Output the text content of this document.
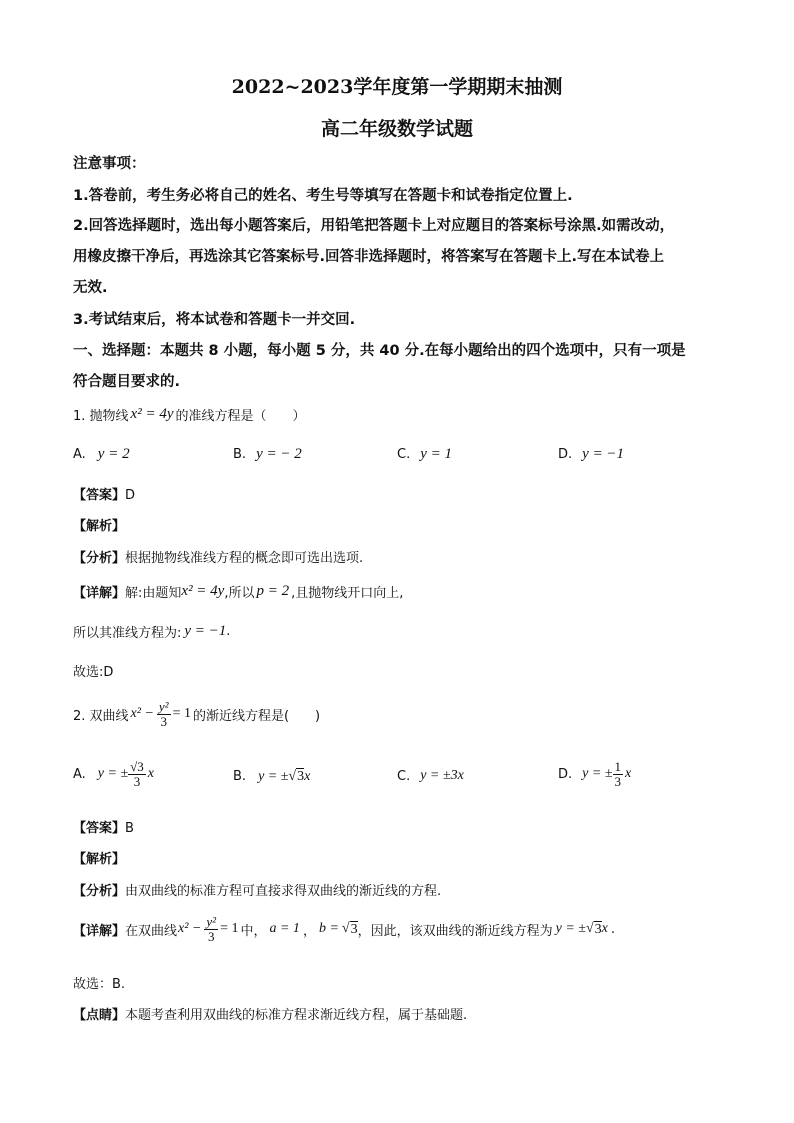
2022~2023学年度第一学期期末抽测
高二年级数学试题
注意事项：
1.答卷前，考生务必将自己的姓名、考生号等填写在答题卡和试卷指定位置上.
2.回答选择题时，选出每小题答案后，用铅笔把答题卡上对应题目的答案标号涂黑.如需改动，
用橡皮擦干净后，再选涂其它答案标号.回答非选择题时，将答案写在答题卡上.写在本试卷上
无效.
3.考试结束后，将本试卷和答题卡一并交回.
一、选择题：本题共 8 小题，每小题 5 分，共 40 分.在每小题给出的四个选项中，只有一项是
符合题目要求的.
1. 抛物线 x² = 4y 的准线方程是（　　）
A. y = 2	B. y = − 2	C. y = 1	D. y = −1
【答案】D
【解析】
【分析】根据抛物线准线方程的概念即可选出选项.
【详解】 解:由题知 x² = 4y ,所以 p = 2 ,且抛物线开口向上,
所以其准线方程为: y = −1 .
故选:D
2. 双曲线 $x^2 - \frac{\text{y²}}{3} = 1$ 的渐近线方程是(　　)
A. y = ± $\frac{√3}{3}$ x	B. y = ± √ 3 x	C. y = ±3x	D. y = ± $\frac{1}{3}$ x
【答案】B
【解析】
【分析】由双曲线的标准方程可直接求得双曲线的渐近线的方程.
【详解】 在双曲线 $x^2 - \frac{\text{y²}}{3} = 1$ 中， a = 1 ， b = √ 3 ，因此，该双曲线的渐近线方程为 y = ± √ 3 x .
故选：B.
【点睛】本题考查利用双曲线的标准方程求渐近线方程，属于基础题.
